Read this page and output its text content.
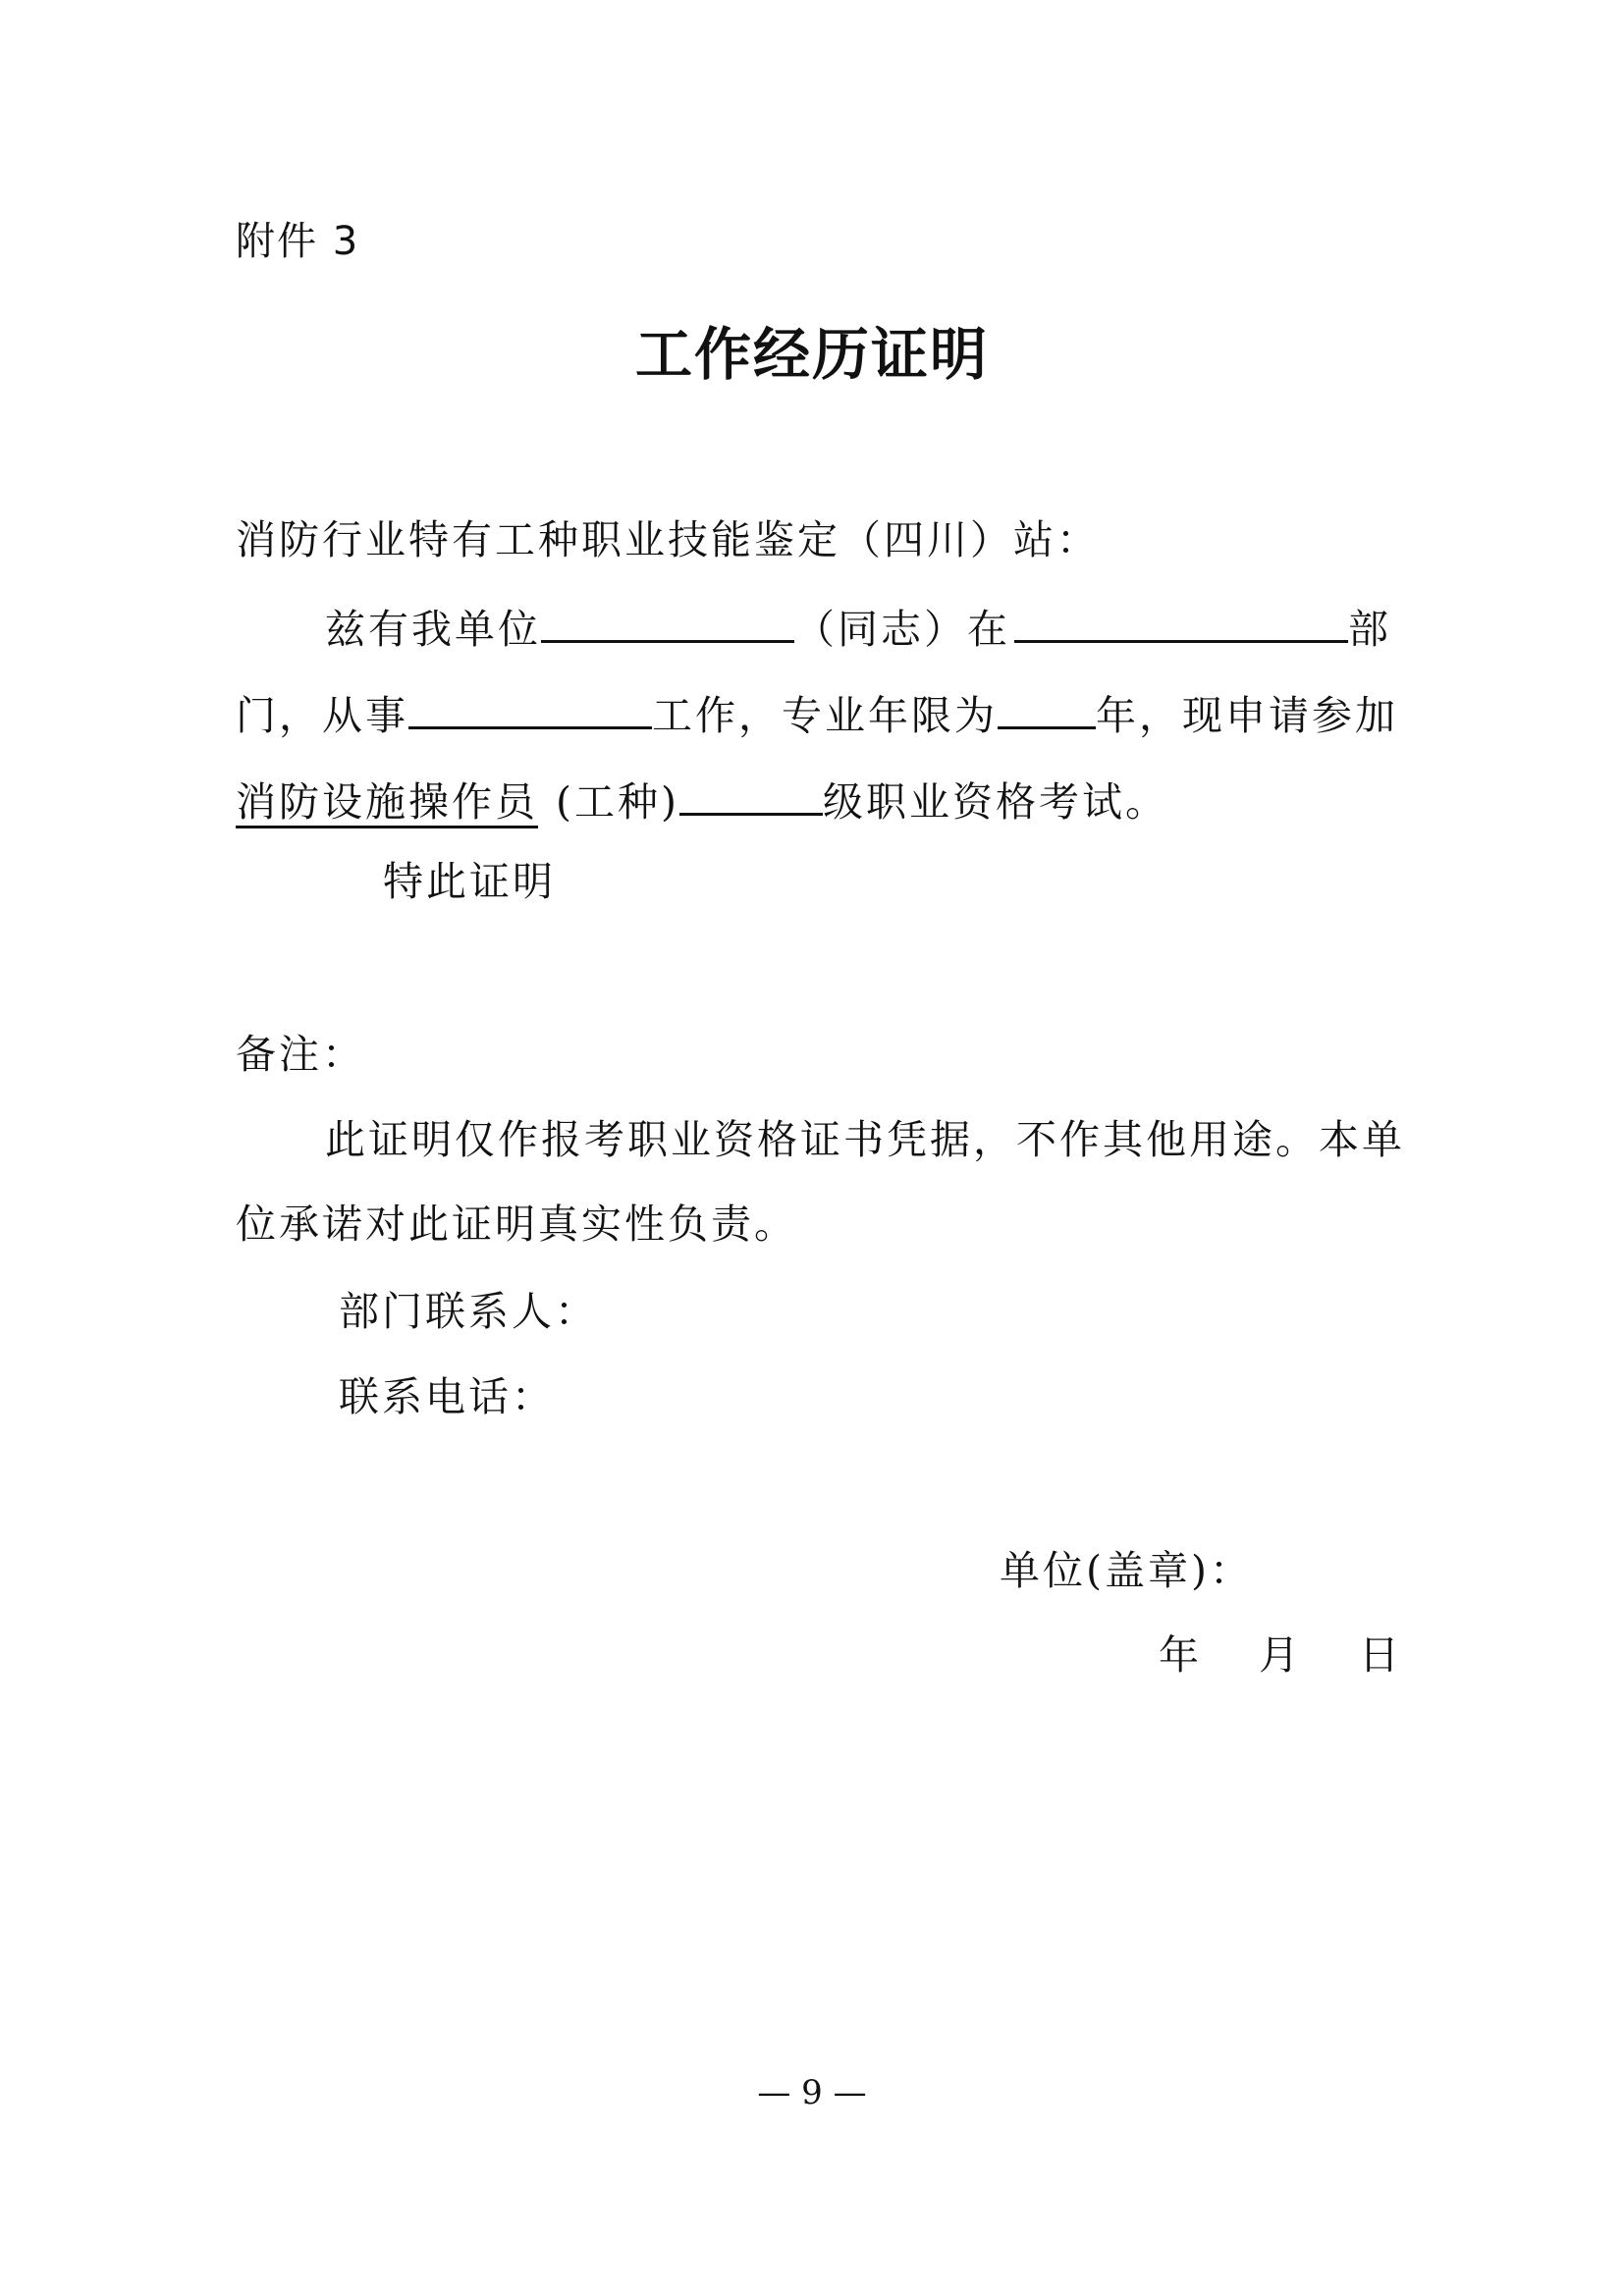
附件 3
工作经历证明
消防行业特有工种职业技能鉴定（四川）站：
兹有我单位	（同志）在	部
门，从事	工作，专业年限为 年，现申请参加
消防设施操作员 (工种)	级职业资格考试。
特此证明
备注：
此证明仅作报考职业资格证书凭据，不作其他用途。本单
位承诺对此证明真实性负责。
部门联系人：
联系电话：
单位(盖章)：
年　月　日
— 9 —
